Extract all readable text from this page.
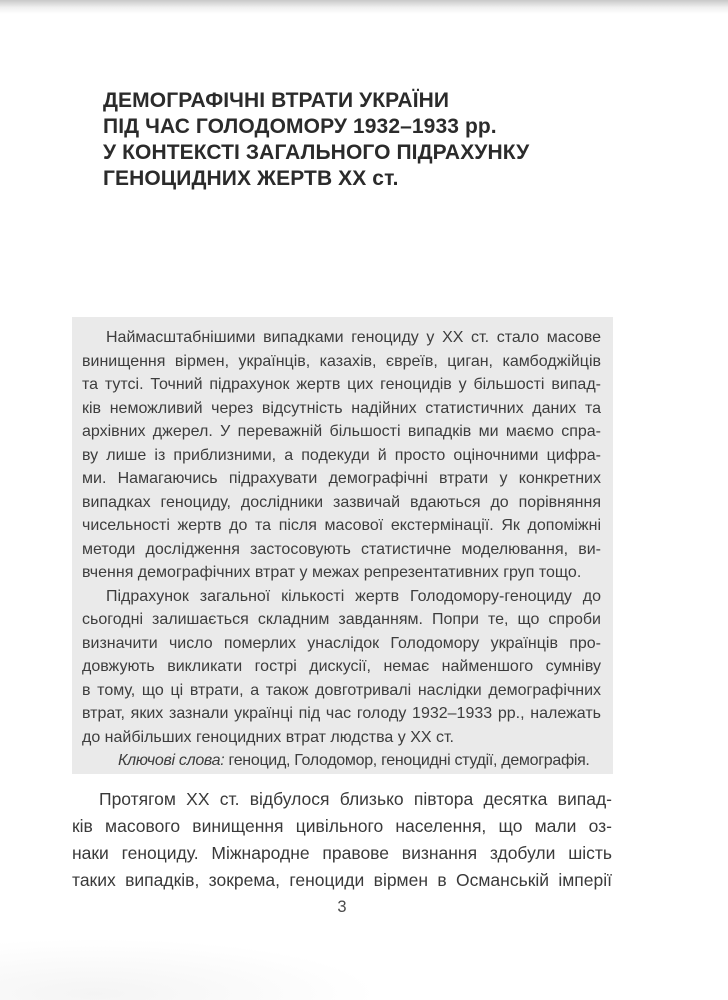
ДЕМОГРАФІЧНІ ВТРАТИ УКРАЇНИ
ПІД ЧАС ГОЛОДОМОРУ 1932–1933 рр.
У КОНТЕКСТІ ЗАГАЛЬНОГО ПІДРАХУНКУ
ГЕНОЦИДНИХ ЖЕРТВ ХХ ст.
Наймасштабнішими випадками геноциду у ХХ ст. стало масове
винищення вірмен, українців, казахів, євреїв, циган, камбоджійців
та тутсі. Точний підрахунок жертв цих геноцидів у більшості випад-
ків неможливий через відсутність надійних статистичних даних та
архівних джерел. У переважній більшості випадків ми маємо спра-
ву лише із приблизними, а подекуди й просто оціночними цифра-
ми. Намагаючись підрахувати демографічні втрати у конкретних
випадках геноциду, дослідники зазвичай вдаються до порівняння
чисельності жертв до та після масової екстермінації. Як допоміжні
методи дослідження застосовують статистичне моделювання, ви-
вчення демографічних втрат у межах репрезентативних груп тощо.
Підрахунок загальної кількості жертв Голодомору-геноциду до
сьогодні залишається складним завданням. Попри те, що спроби
визначити число померлих унаслідок Голодомору українців про-
довжують викликати гострі дискусії, немає найменшого сумніву
в тому, що ці втрати, а також довготривалі наслідки демографічних
втрат, яких зазнали українці під час голоду 1932–1933 рр., належать
до найбільших геноцидних втрат людства у ХХ ст.
Ключові слова: геноцид, Голодомор, геноцидні студії, демографія.
Протягом ХХ ст. відбулося близько півтора десятка випад-
ків масового винищення цивільного населення, що мали оз-
наки геноциду. Міжнародне правове визнання здобули шість
таких випадків, зокрема, геноциди вірмен в Османській імперії
3
